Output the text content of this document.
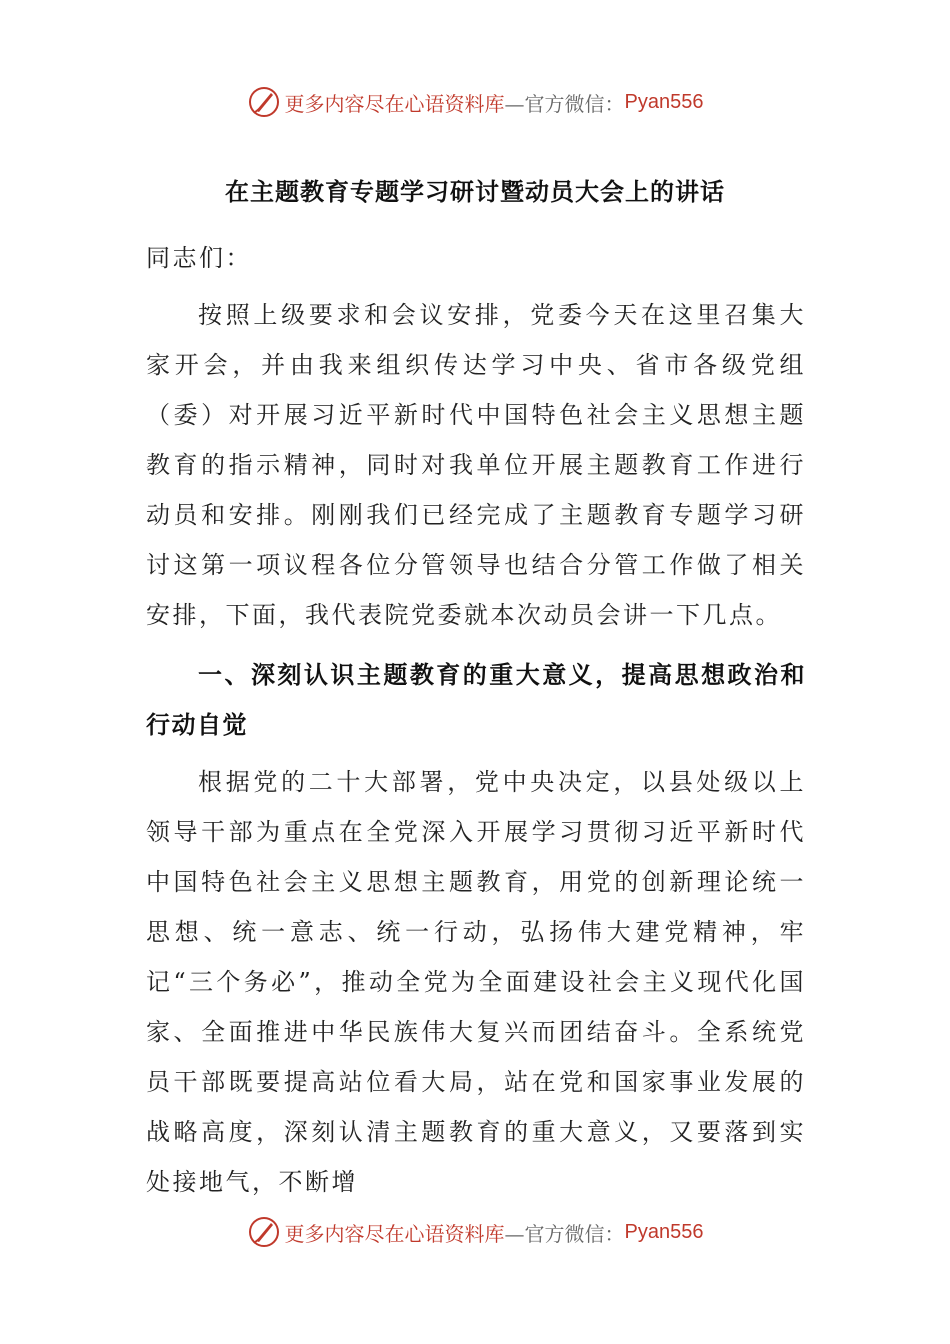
更多内容尽在心语资料库 —官方微信： Pyan556
在主题教育专题学习研讨暨动员大会上的讲话
同志们：
按照上级要求和会议安排，党委今天在这里召集大家开会，并由我来组织传达学习中央、省市各级党组（委）对开展习近平新时代中国特色社会主义思想主题教育的指示精神，同时对我单位开展主题教育工作进行动员和安排。刚刚我们已经完成了主题教育专题学习研讨这第一项议程各位分管领导也结合分管工作做了相关安排，下面，我代表院党委就本次动员会讲一下几点。
一、深刻认识主题教育的重大意义，提高思想政治和行动自觉
根据党的二十大部署，党中央决定，以县处级以上领导干部为重点在全党深入开展学习贯彻习近平新时代中国特色社会主义思想主题教育，用党的创新理论统一思想、统一意志、统一行动，弘扬伟大建党精神，牢记“三个务必”，推动全党为全面建设社会主义现代化国家、全面推进中华民族伟大复兴而团结奋斗。全系统党员干部既要提高站位看大局，站在党和国家事业发展的战略高度，深刻认清主题教育的重大意义，又要落到实处接地气，不断增
更多内容尽在心语资料库 —官方微信： Pyan556
